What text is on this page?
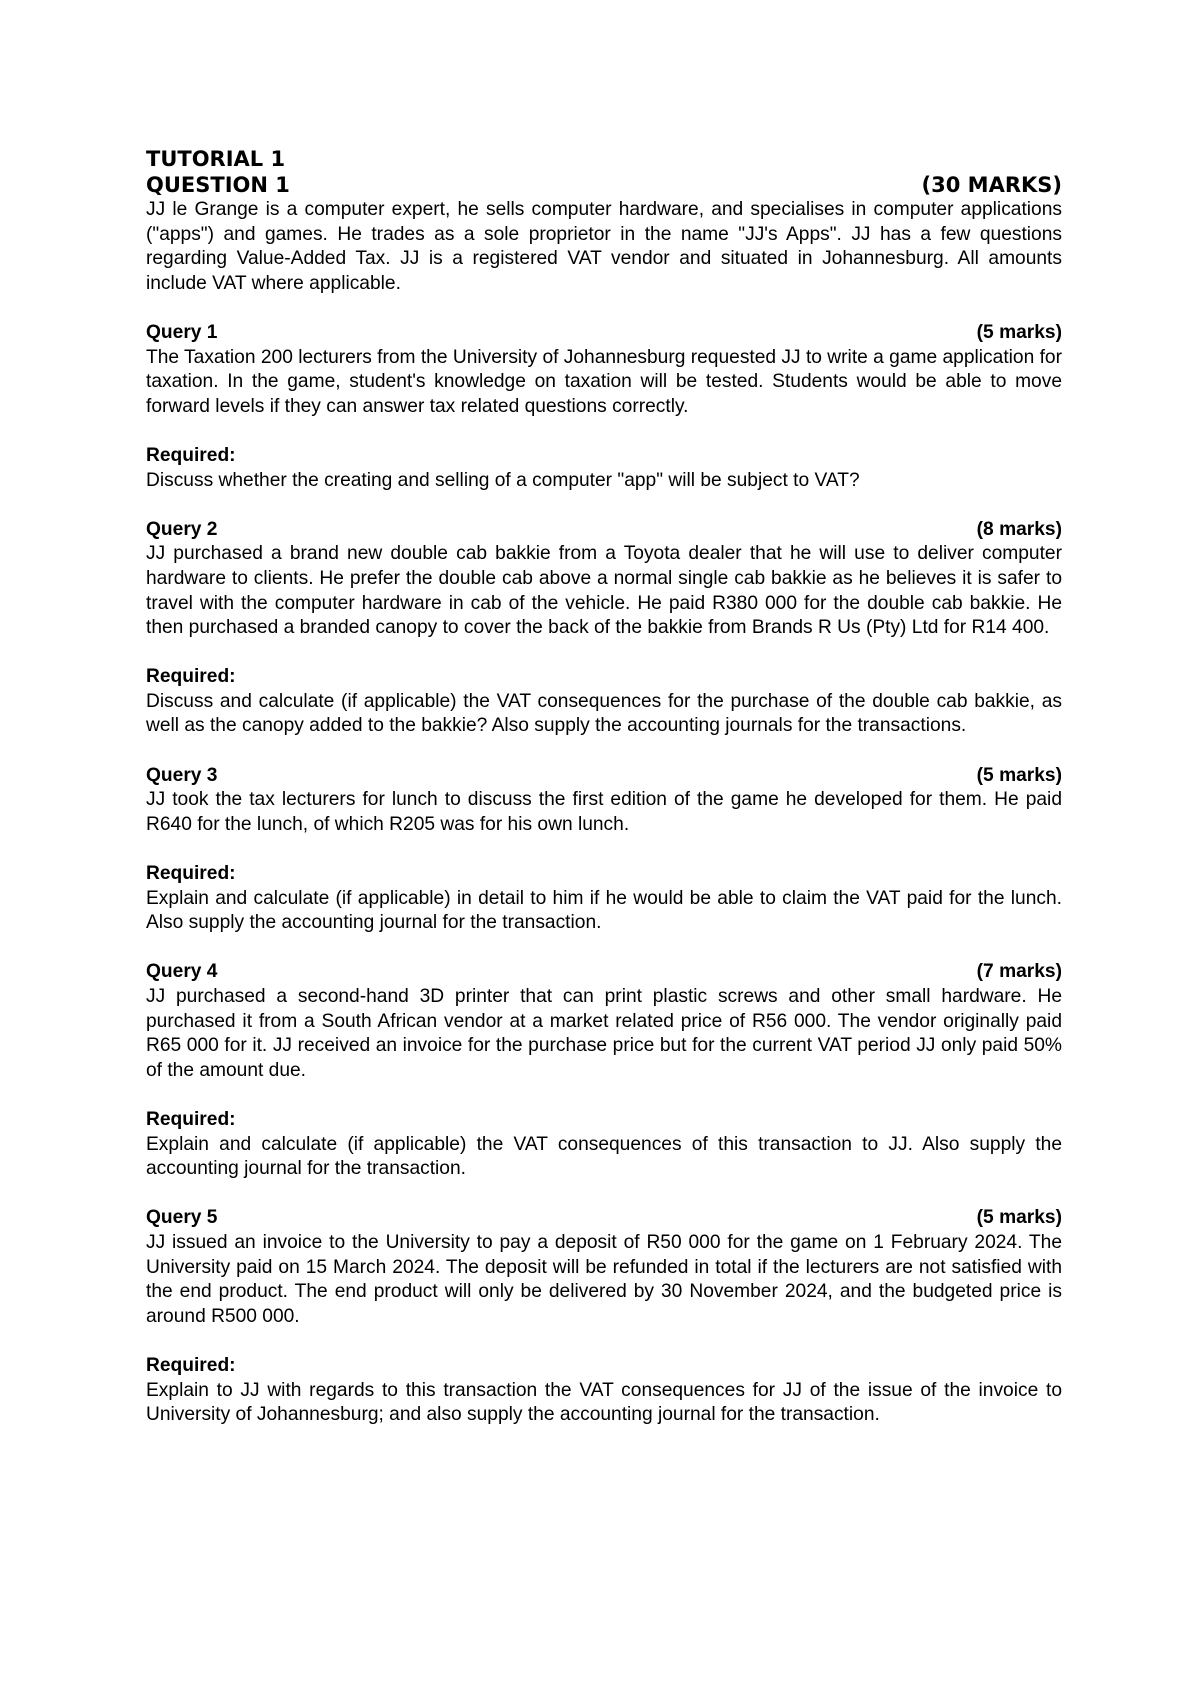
TUTORIAL 1

QUESTION 1	(30 MARKS)

JJ le Grange is a computer expert, he sells computer hardware, and specialises in computer applications ("apps") and games. He trades as a sole proprietor in the name "JJ's Apps". JJ has a few questions regarding Value-Added Tax. JJ is a registered VAT vendor and situated in Johannesburg. All amounts include VAT where applicable.

Query 1	(5 marks)

The Taxation 200 lecturers from the University of Johannesburg requested JJ to write a game application for taxation. In the game, student's knowledge on taxation will be tested. Students would be able to move forward levels if they can answer tax related questions correctly.

Required:

Discuss whether the creating and selling of a computer "app" will be subject to VAT?

Query 2	(8 marks)

JJ purchased a brand new double cab bakkie from a Toyota dealer that he will use to deliver computer hardware to clients. He prefer the double cab above a normal single cab bakkie as he believes it is safer to travel with the computer hardware in cab of the vehicle. He paid R380 000 for the double cab bakkie. He then purchased a branded canopy to cover the back of the bakkie from Brands R Us (Pty) Ltd for R14 400.

Required:

Discuss and calculate (if applicable) the VAT consequences for the purchase of the double cab bakkie, as well as the canopy added to the bakkie? Also supply the accounting journals for the transactions.

Query 3	(5 marks)

JJ took the tax lecturers for lunch to discuss the first edition of the game he developed for them. He paid R640 for the lunch, of which R205 was for his own lunch.

Required:

Explain and calculate (if applicable) in detail to him if he would be able to claim the VAT paid for the lunch. Also supply the accounting journal for the transaction.

Query 4	(7 marks)

JJ purchased a second-hand 3D printer that can print plastic screws and other small hardware. He purchased it from a South African vendor at a market related price of R56 000. The vendor originally paid R65 000 for it. JJ received an invoice for the purchase price but for the current VAT period JJ only paid 50% of the amount due.

Required:

Explain and calculate (if applicable) the VAT consequences of this transaction to JJ. Also supply the accounting journal for the transaction.

Query 5	(5 marks)

JJ issued an invoice to the University to pay a deposit of R50 000 for the game on 1 February 2024. The University paid on 15 March 2024. The deposit will be refunded in total if the lecturers are not satisfied with the end product. The end product will only be delivered by 30 November 2024, and the budgeted price is around R500 000.

Required:

Explain to JJ with regards to this transaction the VAT consequences for JJ of the issue of the invoice to University of Johannesburg; and also supply the accounting journal for the transaction.
